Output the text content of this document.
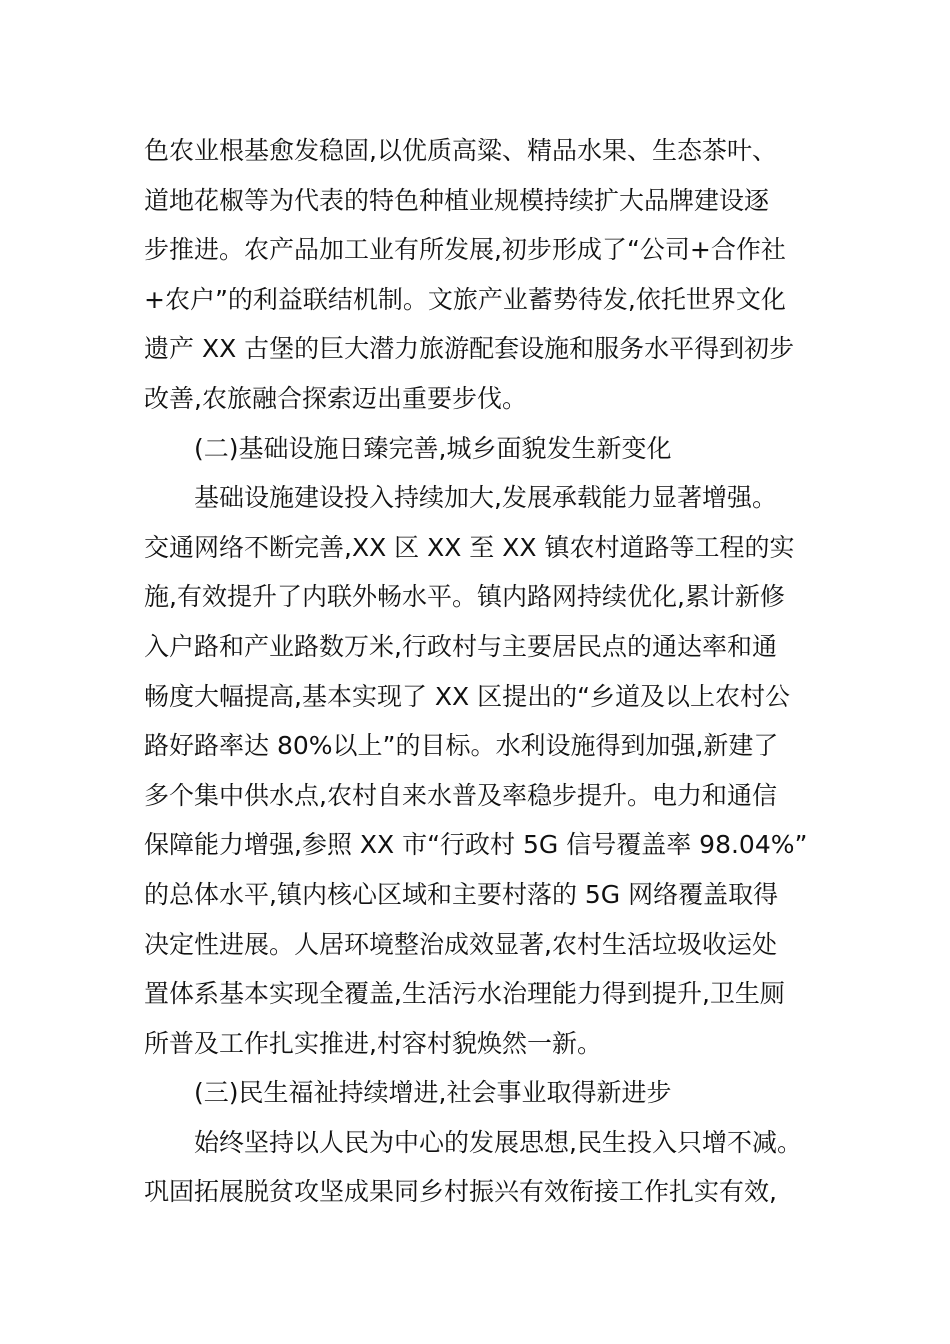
色农业根基愈发稳固,以优质高粱、精品水果、生态茶叶、
道地花椒等为代表的特色种植业规模持续扩大品牌建设逐
步推进。农产品加工业有所发展,初步形成了“公司+合作社
+农户”的利益联结机制。文旅产业蓄势待发,依托世界文化
遗产 XX 古堡的巨大潜力旅游配套设施和服务水平得到初步
改善,农旅融合探索迈出重要步伐。
(二)基础设施日臻完善,城乡面貌发生新变化
基础设施建设投入持续加大,发展承载能力显著增强。
交通网络不断完善,XX 区 XX 至 XX 镇农村道路等工程的实
施,有效提升了内联外畅水平。镇内路网持续优化,累计新修
入户路和产业路数万米,行政村与主要居民点的通达率和通
畅度大幅提高,基本实现了 XX 区提出的“乡道及以上农村公
路好路率达 80%以上”的目标。水利设施得到加强,新建了
多个集中供水点,农村自来水普及率稳步提升。电力和通信
保障能力增强,参照 XX 市“行政村 5G 信号覆盖率 98.04%”
的总体水平,镇内核心区域和主要村落的 5G 网络覆盖取得
决定性进展。人居环境整治成效显著,农村生活垃圾收运处
置体系基本实现全覆盖,生活污水治理能力得到提升,卫生厕
所普及工作扎实推进,村容村貌焕然一新。
(三)民生福祉持续增进,社会事业取得新进步
始终坚持以人民为中心的发展思想,民生投入只增不减。
巩固拓展脱贫攻坚成果同乡村振兴有效衔接工作扎实有效,
